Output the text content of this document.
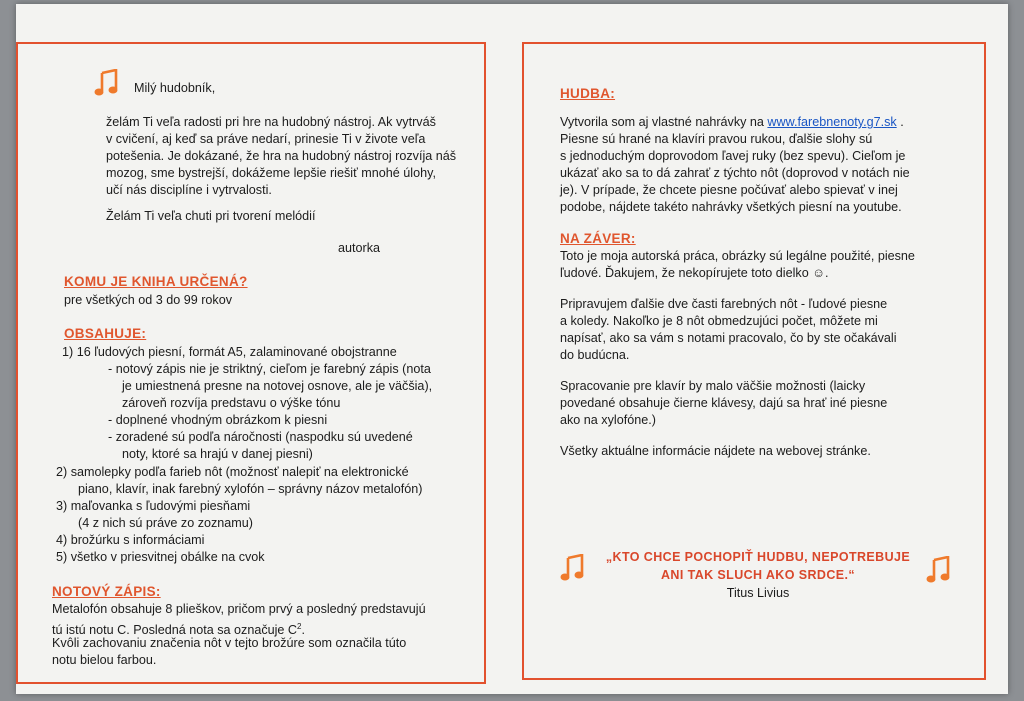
Milý hudobník,
želám Ti veľa radosti pri hre na hudobný nástroj. Ak vytrváš
v cvičení, aj keď sa práve nedarí, prinesie Ti v živote veľa
potešenia. Je dokázané, že hra na hudobný nástroj rozvíja náš
mozog, sme bystrejší, dokážeme lepšie riešiť mnohé úlohy,
učí nás disciplíne i vytrvalosti.
Želám Ti veľa chuti pri tvorení melódií
autorka
KOMU JE KNIHA URČENÁ?
pre všetkých od 3 do 99 rokov
OBSAHUJE:
1) 16 ľudových piesní, formát A5, zalaminované obojstranne
- notový zápis nie je striktný, cieľom je farebný zápis (nota
je umiestnená presne na notovej osnove, ale je väčšia),
zároveň rozvíja predstavu o výške tónu
- doplnené vhodným obrázkom k piesni
- zoradené sú podľa náročnosti (naspodku sú uvedené
noty, ktoré sa hrajú v danej piesni)
2) samolepky podľa farieb nôt (možnosť nalepiť na elektronické
piano, klavír, inak farebný xylofón – správny názov metalofón)
3) maľovanka s ľudovými piesňami
(4 z nich sú práve zo zoznamu)
4) brožúrku s informáciami
5) všetko v priesvitnej obálke na cvok
NOTOVÝ ZÁPIS:
Metalofón obsahuje 8 plieškov, pričom prvý a posledný predstavujú
tú istú notu C. Posledná nota sa označuje $C^2$.
Kvôli zachovaniu značenia nôt v tejto brožúre som označila túto
notu bielou farbou.
HUDBA:
Vytvorila som aj vlastné nahrávky na www.farebnenoty.g7.sk .
Piesne sú hrané na klavíri pravou rukou, ďalšie slohy sú
s jednoduchým doprovodom ľavej ruky (bez spevu). Cieľom je
ukázať ako sa to dá zahrať z týchto nôt (doprovod v notách nie
je). V prípade, že chcete piesne počúvať alebo spievať v inej
podobe, nájdete takéto nahrávky všetkých piesní na youtube.
NA ZÁVER:
Toto je moja autorská práca, obrázky sú legálne použité, piesne
ľudové. Ďakujem, že nekopírujete toto dielko ☺.
Pripravujem ďalšie dve časti farebných nôt - ľudové piesne
a koledy. Nakoľko je 8 nôt obmedzujúci počet, môžete mi
napísať, ako sa vám s notami pracovalo, čo by ste očakávali
do budúcna.
Spracovanie pre klavír by malo väčšie možnosti (laicky
povedané obsahuje čierne klávesy, dajú sa hrať iné piesne
ako na xylofóne.)
Všetky aktuálne informácie nájdete na webovej stránke.
„KTO CHCE POCHOPIŤ HUDBU, NEPOTREBUJE
ANI TAK SLUCH AKO SRDCE.“
Titus Livius
